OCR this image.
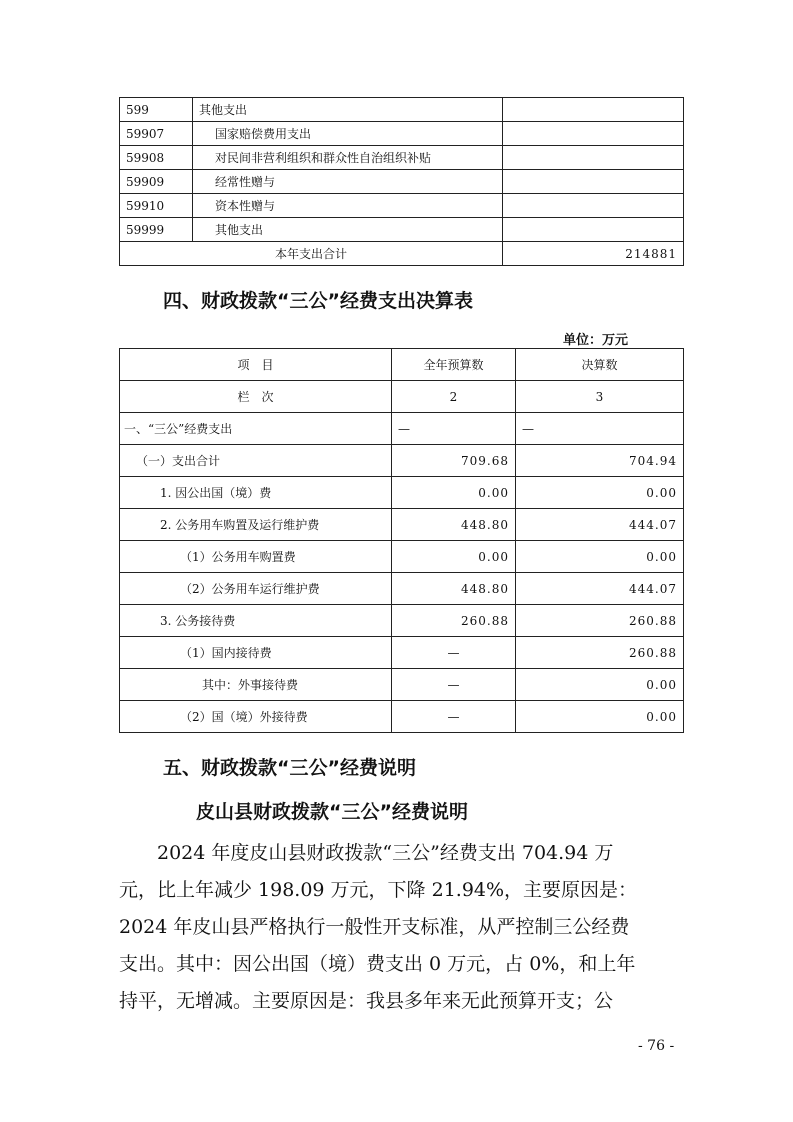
599	其他支出	
59907	国家赔偿费用支出	
59908	对民间非营利组织和群众性自治组织补贴	
59909	经常性赠与	
59910	资本性赠与	
59999	其他支出	
本年支出合计		214881
四、财政拨款“三公”经费支出决算表
单位：万元
项　目	全年预算数	决算数
栏　次	2	3
一、“三公”经费支出	—	—
（一）支出合计	709.68	704.94
1. 因公出国（境）费	0.00	0.00
2. 公务用车购置及运行维护费	448.80	444.07
（1）公务用车购置费	0.00	0.00
（2）公务用车运行维护费	448.80	444.07
3. 公务接待费	260.88	260.88
（1）国内接待费	—	260.88
其中：外事接待费	—	0.00
（2）国（境）外接待费	—	0.00
五、财政拨款“三公”经费说明
皮山县财政拨款“三公”经费说明

　　2024 年度皮山县财政拨款“三公”经费支出 704.94 万

元，比上年减少 198.09 万元，下降 21.94%，主要原因是：

2024 年皮山县严格执行一般性开支标准，从严控制三公经费

支出。其中：因公出国（境）费支出 0 万元，占 0%，和上年

持平，无增减。主要原因是：我县多年来无此预算开支；公

- 76 -
